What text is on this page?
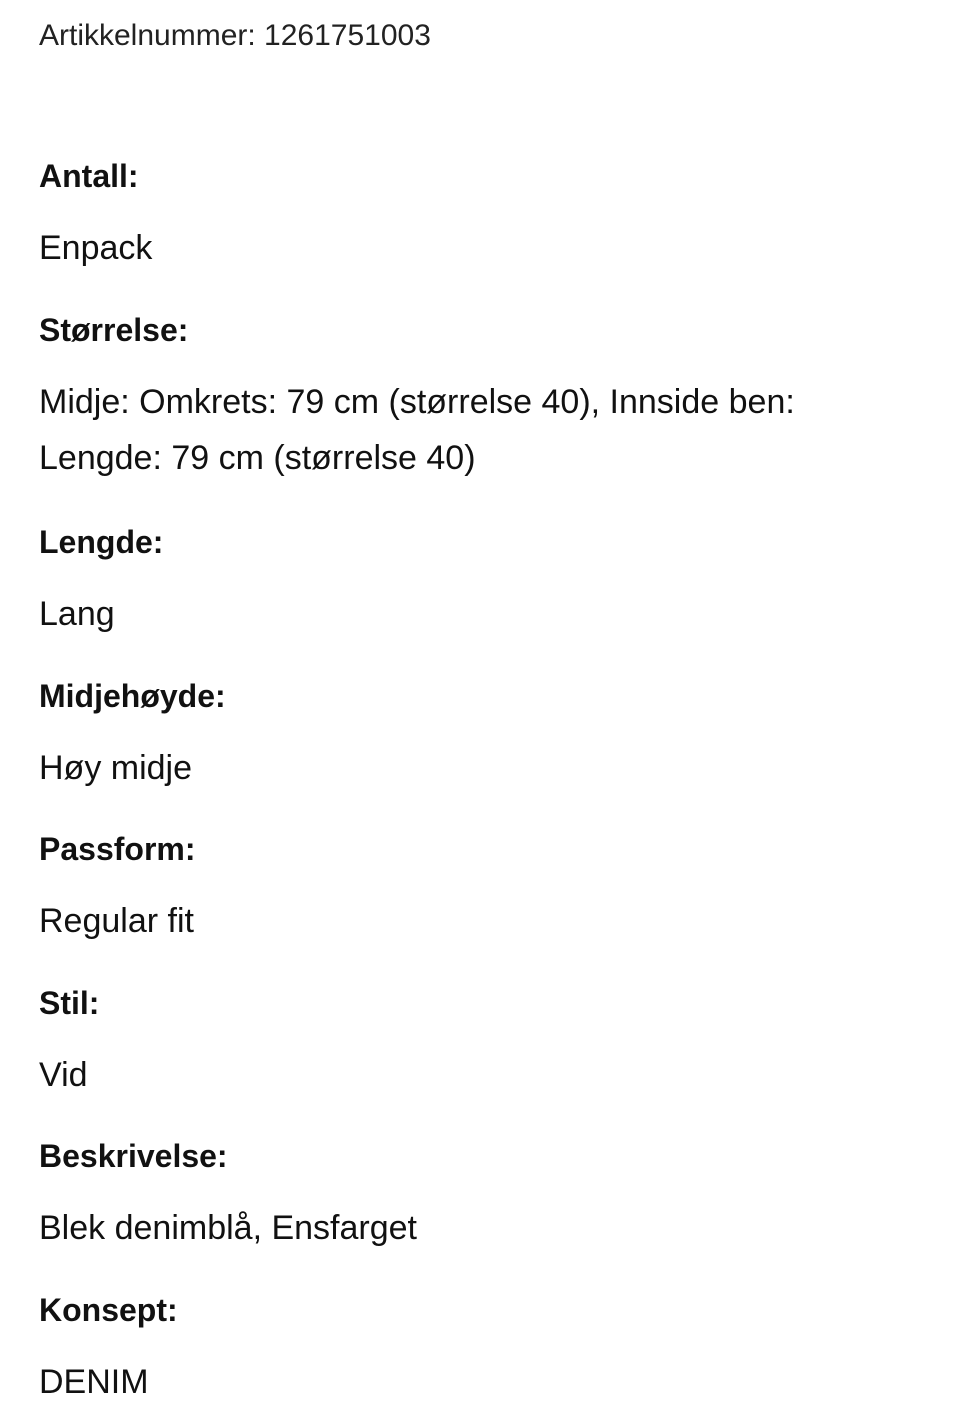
Artikkelnummer: 1261751003
Antall:
Enpack
Størrelse:
Midje: Omkrets: 79 cm (størrelse 40), Innside ben:
Lengde: 79 cm (størrelse 40)
Lengde:
Lang
Midjehøyde:
Høy midje
Passform:
Regular fit
Stil:
Vid
Beskrivelse:
Blek denimblå, Ensfarget
Konsept:
DENIM
